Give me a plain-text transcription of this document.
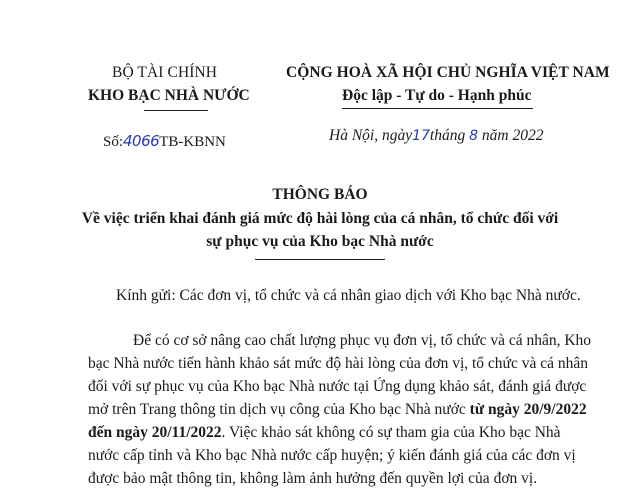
BỘ TÀI CHÍNH
KHO BẠC NHÀ NƯỚC
Số:4066TB-KBNN
CỘNG HOÀ XÃ HỘI CHỦ NGHĨA VIỆT NAM
Độc lập - Tự do - Hạnh phúc
Hà Nội, ngày17tháng 8 năm 2022
THÔNG BÁO
Về việc triển khai đánh giá mức độ hài lòng của cá nhân, tổ chức đối với
sự phục vụ của Kho bạc Nhà nước
Kính gửi: Các đơn vị, tổ chức và cá nhân giao dịch với Kho bạc Nhà nước.
Để có cơ sở nâng cao chất lượng phục vụ đơn vị, tổ chức và cá nhân, Kho
bạc Nhà nước tiến hành khảo sát mức độ hài lòng của đơn vị, tổ chức và cá nhân
đối với sự phục vụ của Kho bạc Nhà nước tại Ứng dụng khảo sát, đánh giá được
mở trên Trang thông tin dịch vụ công của Kho bạc Nhà nước từ ngày 20/9/2022
đến ngày 20/11/2022. Việc khảo sát không có sự tham gia của Kho bạc Nhà
nước cấp tỉnh và Kho bạc Nhà nước cấp huyện; ý kiến đánh giá của các đơn vị
được bảo mật thông tin, không làm ảnh hưởng đến quyền lợi của đơn vị.
